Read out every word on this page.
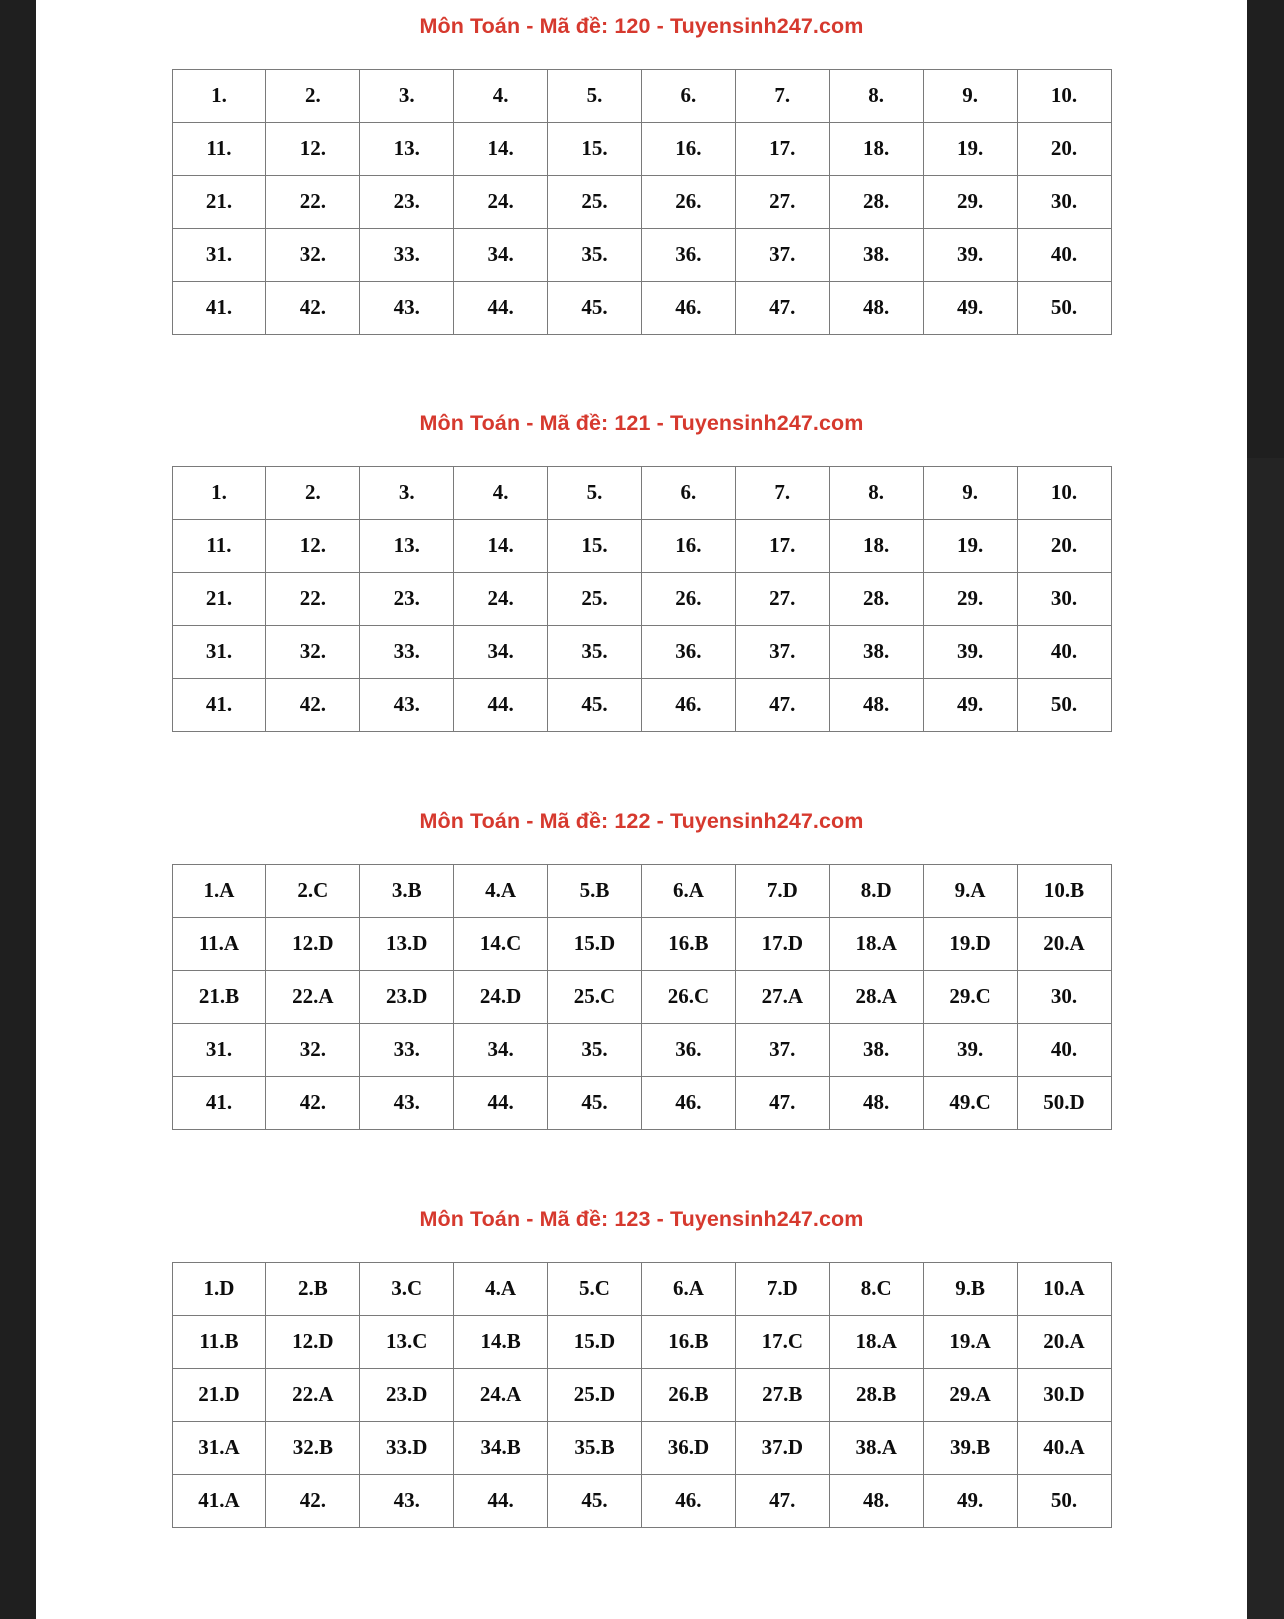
Môn Toán - Mã đề: 120 - Tuyensinh247.com
1.	2.	3.	4.	5.	6.	7.	8.	9.	10.
11.	12.	13.	14.	15.	16.	17.	18.	19.	20.
21.	22.	23.	24.	25.	26.	27.	28.	29.	30.
31.	32.	33.	34.	35.	36.	37.	38.	39.	40.
41.	42.	43.	44.	45.	46.	47.	48.	49.	50.
Môn Toán - Mã đề: 121 - Tuyensinh247.com
1.	2.	3.	4.	5.	6.	7.	8.	9.	10.
11.	12.	13.	14.	15.	16.	17.	18.	19.	20.
21.	22.	23.	24.	25.	26.	27.	28.	29.	30.
31.	32.	33.	34.	35.	36.	37.	38.	39.	40.
41.	42.	43.	44.	45.	46.	47.	48.	49.	50.
Môn Toán - Mã đề: 122 - Tuyensinh247.com
1.A	2.C	3.B	4.A	5.B	6.A	7.D	8.D	9.A	10.B
11.A	12.D	13.D	14.C	15.D	16.B	17.D	18.A	19.D	20.A
21.B	22.A	23.D	24.D	25.C	26.C	27.A	28.A	29.C	30.
31.	32.	33.	34.	35.	36.	37.	38.	39.	40.
41.	42.	43.	44.	45.	46.	47.	48.	49.C	50.D
Môn Toán - Mã đề: 123 - Tuyensinh247.com
1.D	2.B	3.C	4.A	5.C	6.A	7.D	8.C	9.B	10.A
11.B	12.D	13.C	14.B	15.D	16.B	17.C	18.A	19.A	20.A
21.D	22.A	23.D	24.A	25.D	26.B	27.B	28.B	29.A	30.D
31.A	32.B	33.D	34.B	35.B	36.D	37.D	38.A	39.B	40.A
41.A	42.	43.	44.	45.	46.	47.	48.	49.	50.
